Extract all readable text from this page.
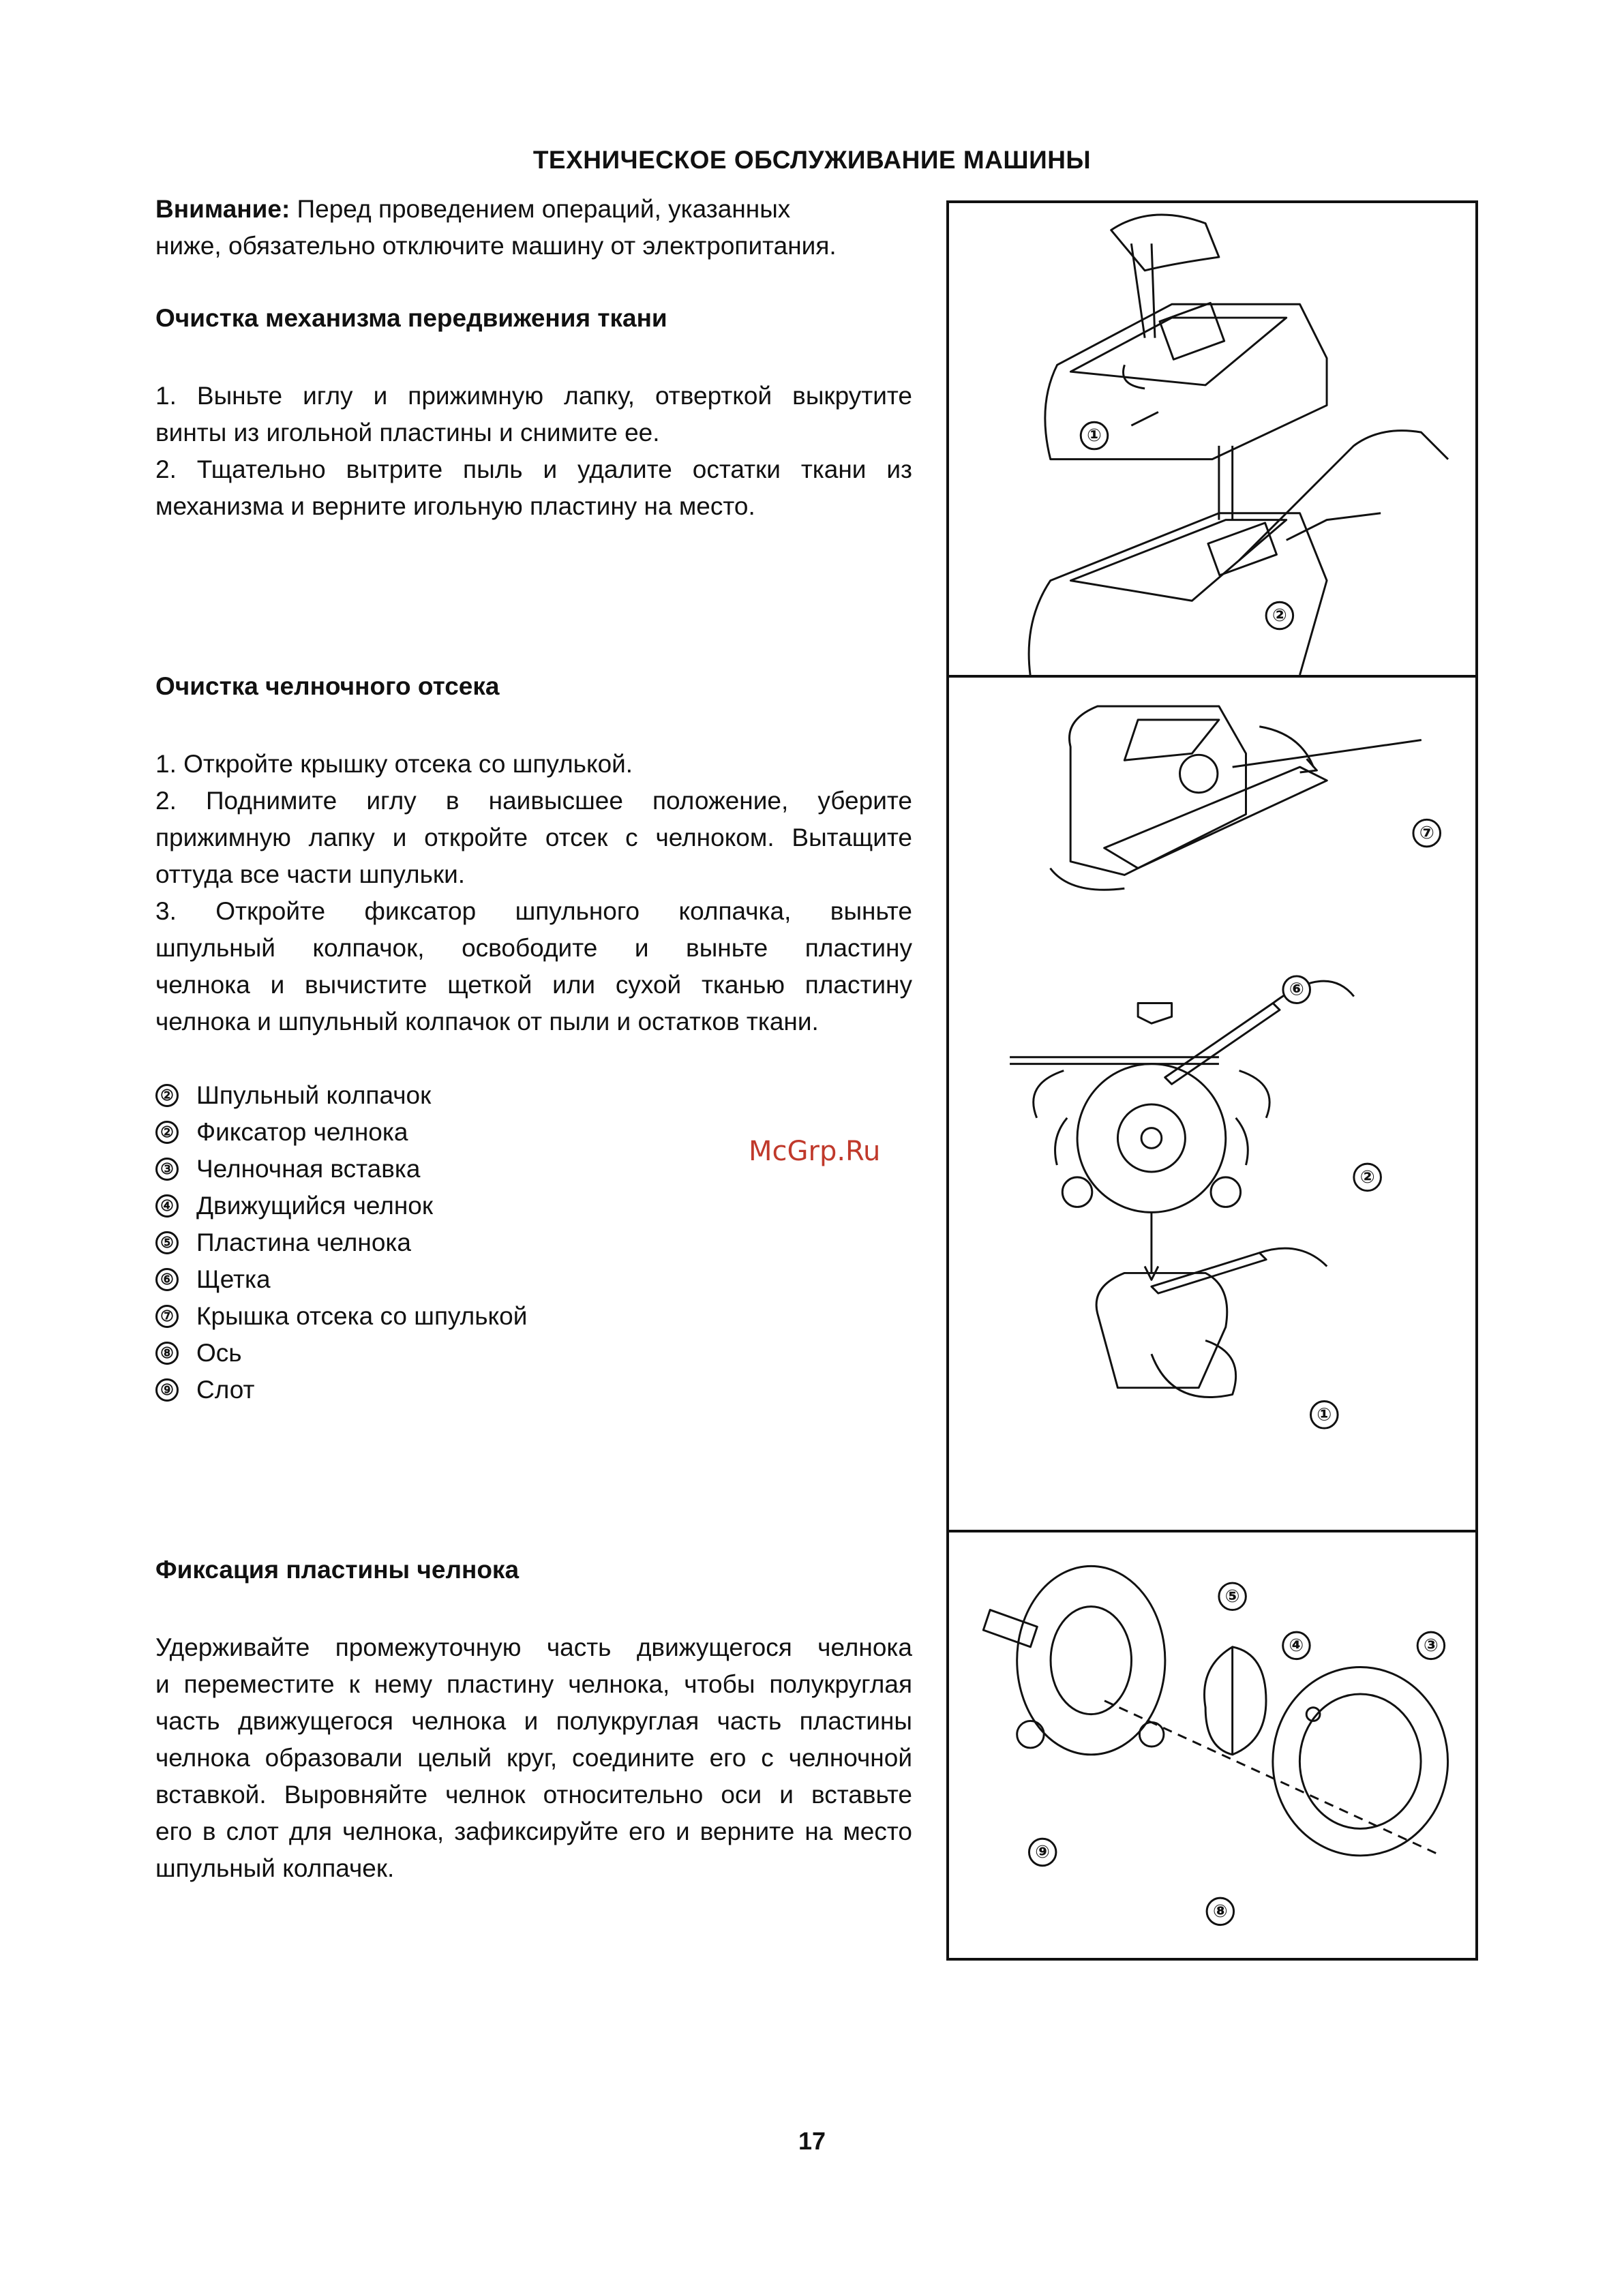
ТЕХНИЧЕСКОЕ ОБСЛУЖИВАНИЕ МАШИНЫ

Внимание: Перед проведением операций, указанных
ниже, обязательно отключите машину от электропитания.

Очистка механизма передвижения ткани
1. Выньте иглу и прижимную лапку, отверткой выкрутите
винты из игольной пластины и снимите ее.
2. Тщательно вытрите пыль и удалите остатки ткани из
механизма и верните игольную пластину на место.
Очистка челночного отсека
1. Откройте крышку отсека со шпулькой.
2. Поднимите иглу в наивысшее положение, уберите
прижимную лапку и откройте отсек с челноком. Вытащите
оттуда все части шпульки.
3. Откройте фиксатор шпульного колпачка, выньте
шпульный колпачок, освободите и выньте пластину
челнока и вычистите щеткой или сухой тканью пластину
челнока и шпульный колпачок от пыли и остатков ткани.
② Шпульный колпачок
② Фиксатор челнока
③ Челночная вставка
④ Движущийся челнок
⑤ Пластина челнока
⑥ Щетка
⑦ Крышка отсека со шпулькой
⑧ Ось
⑨ Слот
Фиксация пластины челнока
Удерживайте промежуточную часть движущегося челнока
и переместите к нему пластину челнока, чтобы полукруглая
часть движущегося челнока и полукруглая часть пластины
челнока образовали целый круг, соедините его с челночной
вставкой. Выровняйте челнок относительно оси и вставьте
его в слот для челнока, зафиксируйте его и верните на место
шпульный колпачек.
①
②
⑦
⑥
②
①
⑤
④	③
⑨
⑧
McGrp.Ru
17
